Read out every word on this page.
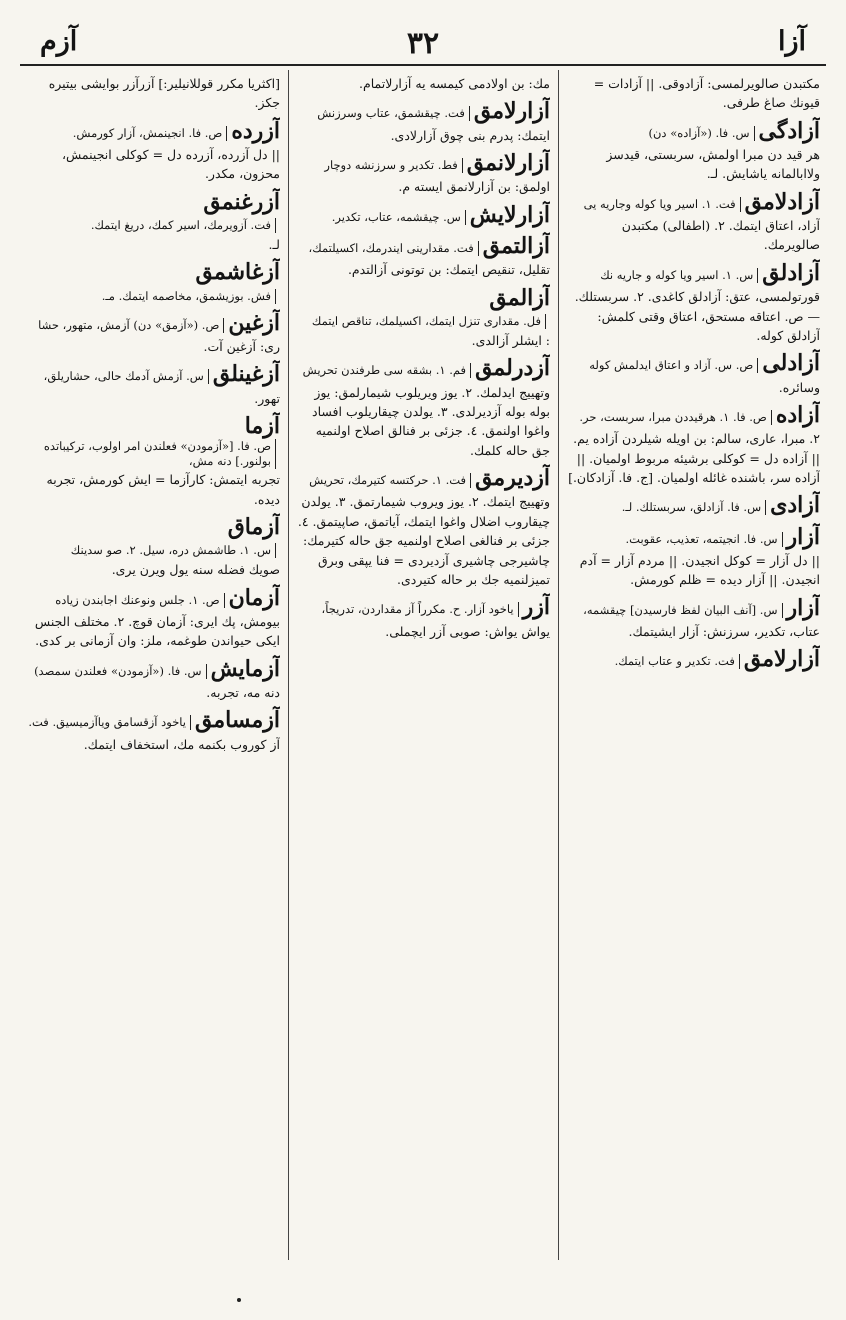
آزا
٣٢
آزم
مكتبدن صالويرلمسى: آزادوقى. || آزادات = قيونك صاغ طرفى.
آزادگىس. فا. («آزاده» دن)
هر قيد دن مبرا اولمش، سربستى، قيدسز ولاابالمانه ياشايش. لـ.
آزادلامقفت. ١. اسير ويا كوله وجاريه يى
آزاد، اعتاق ايتمك. ٢. (اطفالى) مكتبدن صالويرمك.
آزادلقس. ١. اسير ويا كوله و جاريه نك
قورتولمسى، عتق: آزادلق كاغدى. ٢. سربستلك. — ص. اعتاقه مستحق، اعتاق وقتى كلمش: آزادلق كوله.
آزادلىص. س. آزاد و اعتاق ايدلمش كوله
وسائره.
آزادهص. فا. ١. هرقيددن مبرا، سربست، حر.
٢. مبرا، عارى، سالم: بن اويله شيلردن آزاده يم. || آزاده دل = كوكلى برشيئه مربوط اولميان. || آزاده سر، باشنده غائله اولميان. [ج. فا. آزادكان.]
آزادىس. فا. آزادلق، سربستلك. لـ.
آزارس. فا. انجيتمه، تعذيب، عقوبت.
|| دل آزار = كوكل انجيدن. || مردم آزار = آدم انجيدن. || آزار ديده = ظلم كورمش.
آزارس. [آنف البيان لفظ فارسيدن] چيقشمه،
عتاب، تكدير، سرزنش: آزار ايشيتمك.
آزارلامقفت. تكدير و عتاب ايتمك.
مك: بن اولادمى كيمسه يه آزارلاتمام.
آزارلامقفت. چيقشمق، عتاب وسرزنش
ايتمك: پدرم بنى چوق آزارلادى.
آزارلانمقفط. تكدير و سرزنشه دوچار
اولمق: بن آزارلانمق ايسته م.
آزارلايشس. چيقشمه، عتاب، تكدير.
آزالتمقفت. مقدارينى ايندرمك، اكسيلتمك،
تقليل، تنقيص ايتمك: بن توتونى آزالتدم.
آزالمقفل. مقدارى تنزل ايتمك، اكسيلمك، تناقص ايتمك
: ايشلر آزالدى.
آزدرلمقفم. ١. بشقه سى طرفندن تحريش
وتهييج ايدلمك. ٢. يوز ويريلوب شيمارلمق: يوز بوله بوله آزديرلدى. ٣. يولدن چيقاريلوب افساد واغوا اولنمق. ٤. جزئى بر فنالق اصلاح اولنميه جق حاله كلمك.
آزديرمقفت. ١. حركتسه كتيرمك، تحريش
وتهييج ايتمك. ٢. يوز ويروب شيمارتمق. ٣. يولدن چيقاروب اضلال واغوا ايتمك، آياتمق، صاپيتمق. ٤. جزئى بر فنالغى اصلاح اولنميه جق حاله كتيرمك: چاشيرجى چاشيرى آزديردى = فنا يپقى وبرق تميزلنميه جك بر حاله كتيردى.
آزرياخود آزار. ح. مكرراً آز مقداردن، تدريجاً،
يواش يواش: صوبى آزر ايچملى.
[اكثريا مكرر قوللانيلير:] آزرآزر بوايشى بيتيره جكز.
آزردهص. فا. انجينمش، آزار كورمش.
|| دل آزرده، آزرده دل = كوكلى انجينمش، محزون، مكدر.
آزرغنمقفت. آزويرمك، اسير كمك، دريغ ايتمك.
لـ.
آزغاشمقفش. بوزيشمق، مخاصمه ايتمك. مـ.
آزغينص. («آزمق» دن) آزمش، متهور، حشا
رى: آزغين آت.
آزغينلقس. آزمش آدمك حالى، حشاريلق،
تهور.
آزماص. فا. [«آزمودن» فعلندن امر اولوب، تركيباتده بولنور.] دنه مش،
تجربه ايتمش: كارآزما = ايش كورمش، تجربه ديده.
آزماقس. ١. طاشمش دره، سيل. ٢. صو سدينك
صويك فضله سنه يول ويرن يرى.
آزمانص. ١. جلس ونوعنك اجابندن زياده
بيومش، پك ايرى: آزمان قوچ. ٢. مختلف الجنس ايكى حيواندن طوغمه، ملز: وان آزمانى بر كدى.
آزمايشس. فا. («آزمودن» فعلندن سمصد)
دنه مه، تجربه.
آزمسامقياخود آزقسامق وياآزميسيق. فت.
آز كوروب بكنمه مك، استخفاف ايتمك.
